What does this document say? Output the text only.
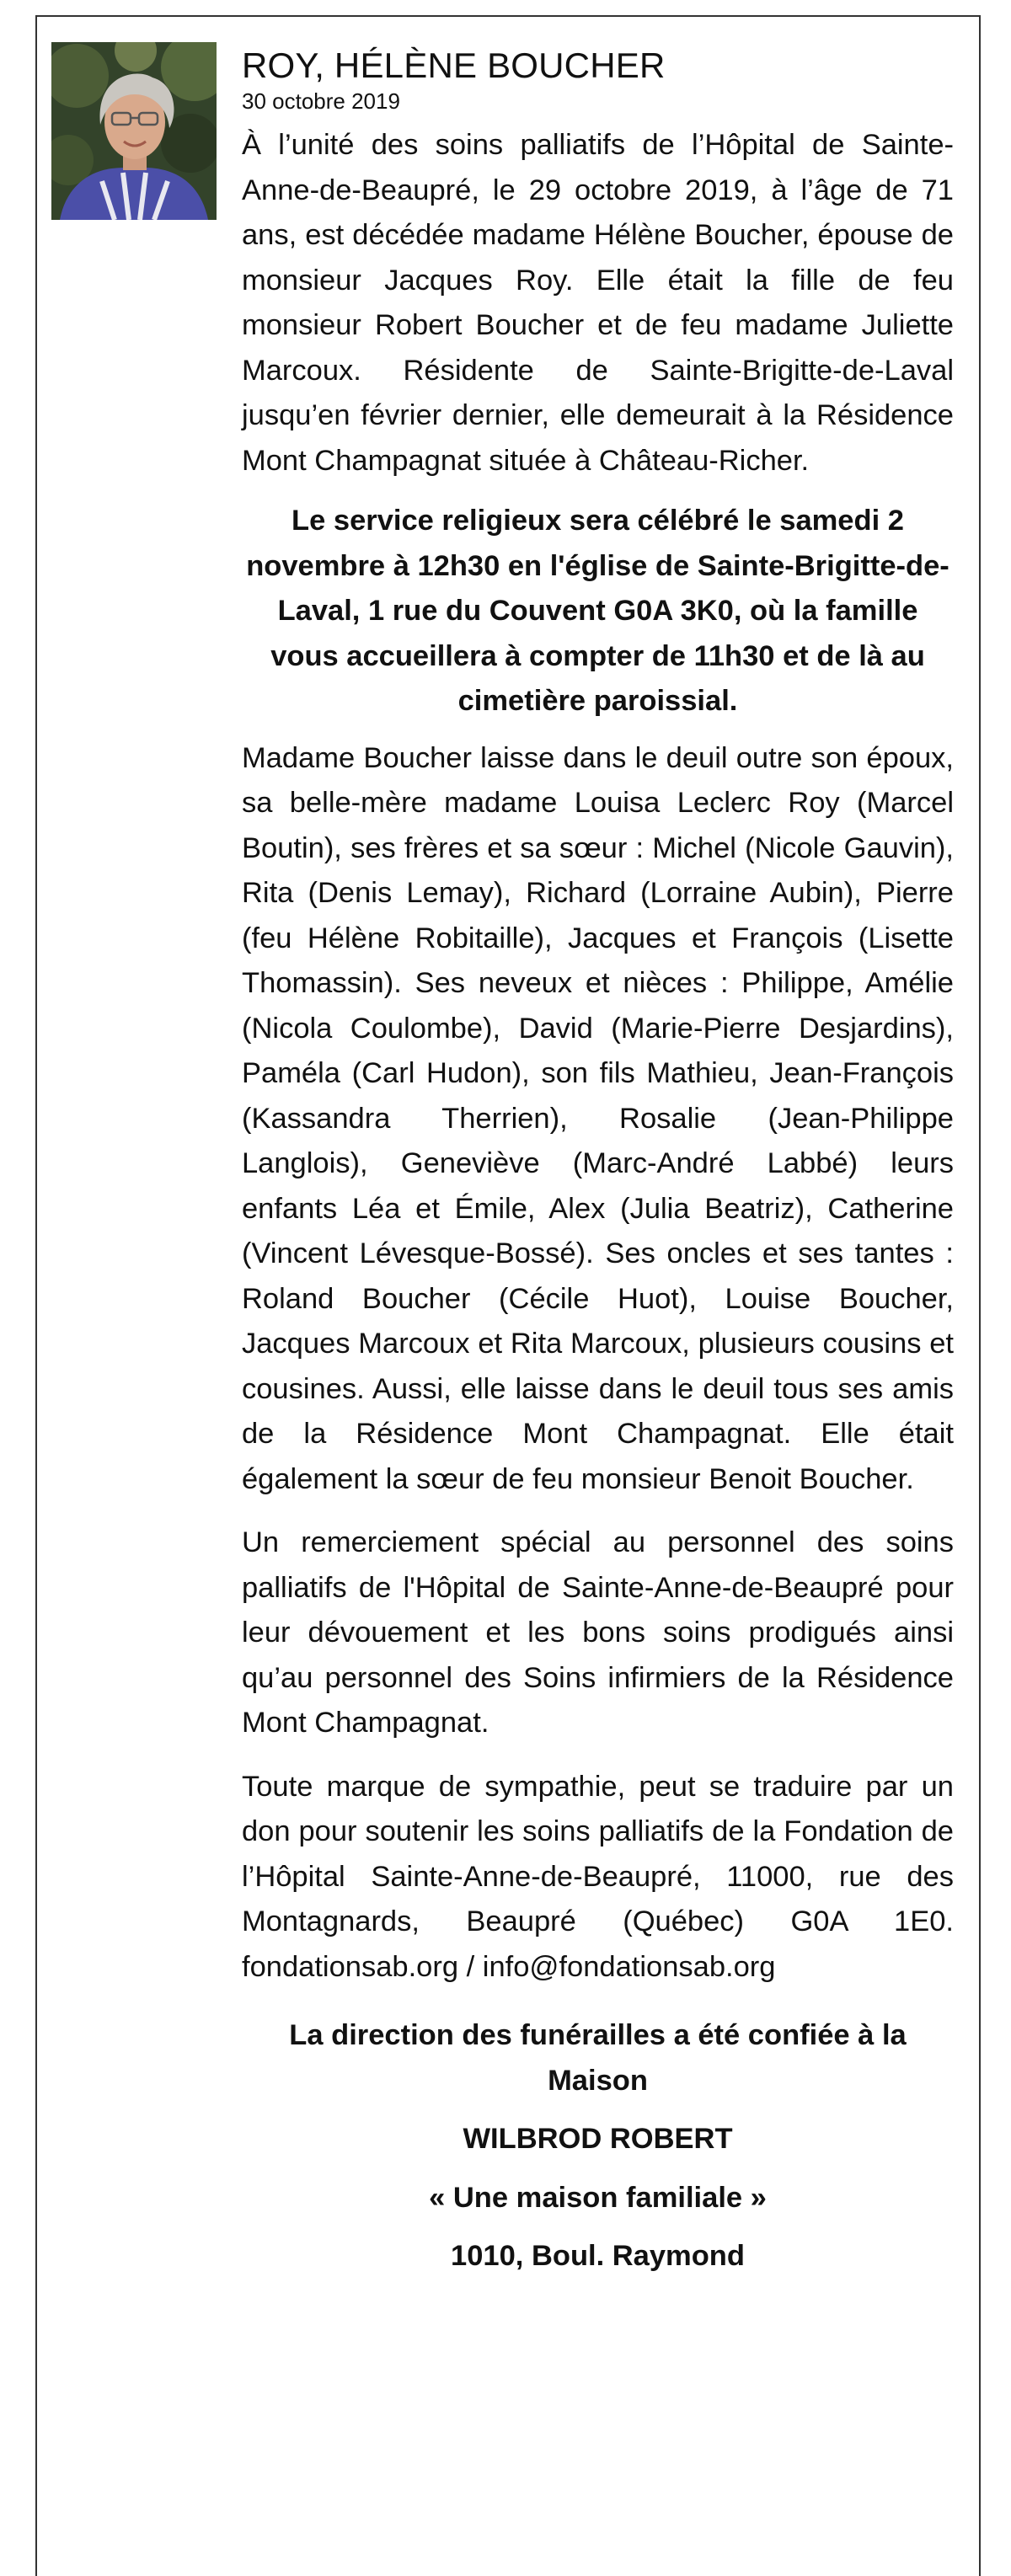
ROY, HÉLÈNE BOUCHER
30 octobre 2019

À l’unité des soins palliatifs de l’Hôpital de Sainte-Anne-de-Beaupré, le 29 octobre 2019, à l’âge de 71 ans, est décédée madame Hélène Boucher, épouse de monsieur Jacques Roy. Elle était la fille de feu monsieur Robert Boucher et de feu madame Juliette Marcoux. Résidente de Sainte-Brigitte-de-Laval jusqu’en février dernier, elle demeurait à la Résidence Mont Champagnat située à Château-Richer.

Le service religieux sera célébré le samedi 2 novembre à 12h30 en l'église de Sainte-Brigitte-de-Laval, 1 rue du Couvent G0A 3K0, où la famille vous accueillera à compter de 11h30 et de là au cimetière paroissial.

Madame Boucher laisse dans le deuil outre son époux, sa belle-mère madame Louisa Leclerc Roy (Marcel Boutin), ses frères et sa sœur : Michel (Nicole Gauvin), Rita (Denis Lemay), Richard (Lorraine Aubin), Pierre (feu Hélène Robitaille), Jacques et François (Lisette Thomassin). Ses neveux et nièces : Philippe, Amélie (Nicola Coulombe), David (Marie-Pierre Desjardins), Paméla (Carl Hudon), son fils Mathieu, Jean-François (Kassandra Therrien), Rosalie (Jean-Philippe Langlois), Geneviève (Marc-André Labbé) leurs enfants Léa et Émile, Alex (Julia Beatriz), Catherine (Vincent Lévesque-Bossé). Ses oncles et ses tantes : Roland Boucher (Cécile Huot), Louise Boucher, Jacques Marcoux et Rita Marcoux, plusieurs cousins et cousines. Aussi, elle laisse dans le deuil tous ses amis de la Résidence Mont Champagnat. Elle était également la sœur de feu monsieur Benoit Boucher.

Un remerciement spécial au personnel des soins palliatifs de l'Hôpital de Sainte-Anne-de-Beaupré pour leur dévouement et les bons soins prodigués ainsi qu’au personnel des Soins infirmiers de la Résidence Mont Champagnat.

Toute marque de sympathie, peut se traduire par un don pour soutenir les soins palliatifs de la Fondation de l’Hôpital Sainte-Anne-de-Beaupré, 11000, rue des Montagnards, Beaupré (Québec) G0A 1E0. fondationsab.org / info@fondationsab.org

La direction des funérailles a été confiée à la Maison
WILBROD ROBERT
« Une maison familiale »
1010, Boul. Raymond
